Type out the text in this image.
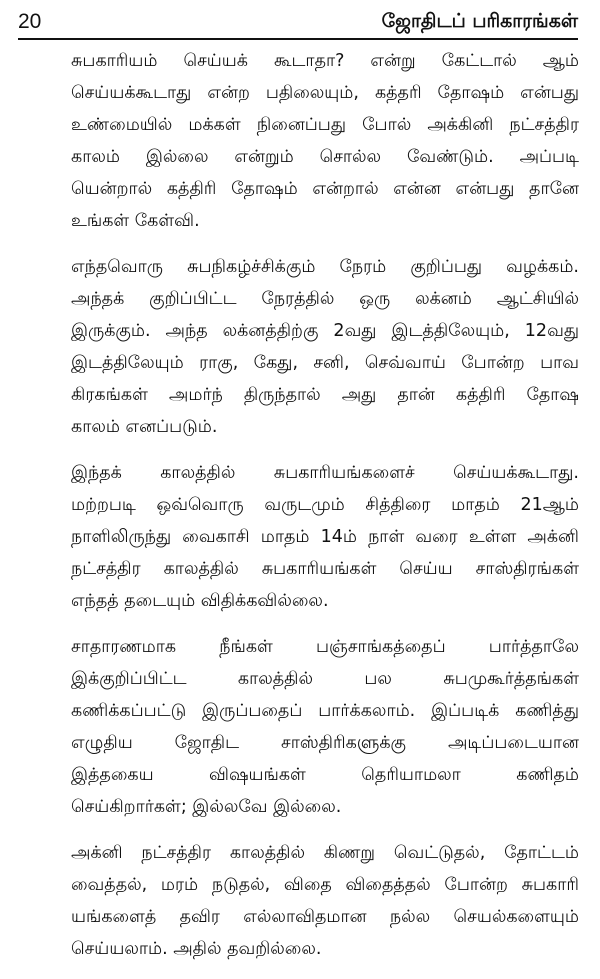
20	ஜோதிடப் பரிகாரங்கள்

சுபகாரியம் செய்யக் கூடாதா? என்று கேட்டால் ஆம்
செய்யக்கூடாது என்ற பதிலையும், கத்தரி தோஷம் என்பது
உண்மையில் மக்கள் நினைப்பது போல் அக்கினி நட்சத்திர
காலம் இல்லை என்றும் சொல்ல வேண்டும். அப்படி
யென்றால் கத்திரி தோஷம் என்றால் என்ன என்பது தானே
உங்கள் கேள்வி.

எந்தவொரு சுபநிகழ்ச்சிக்கும் நேரம் குறிப்பது வழக்கம்.
அந்தக் குறிப்பிட்ட நேரத்தில் ஒரு லக்னம் ஆட்சியில்
இருக்கும். அந்த லக்னத்திற்கு 2வது இடத்திலேயும், 12வது
இடத்திலேயும் ராகு, கேது, சனி, செவ்வாய் போன்ற பாவ
கிரகங்கள் அமர்ந் திருந்தால் அது தான் கத்திரி தோஷ
காலம் எனப்படும்.

இந்தக் காலத்தில் சுபகாரியங்களைச் செய்யக்கூடாது.
மற்றபடி ஒவ்வொரு வருடமும் சித்திரை மாதம் 21ஆம்
நாளிலிருந்து வைகாசி மாதம் 14ம் நாள் வரை உள்ள அக்னி
நட்சத்திர காலத்தில் சுபகாரியங்கள் செய்ய சாஸ்திரங்கள்
எந்தத் தடையும் விதிக்கவில்லை.

சாதாரணமாக நீங்கள் பஞ்சாங்கத்தைப் பார்த்தாலே
இக்குறிப்பிட்ட காலத்தில் பல சுபமுகூர்த்தங்கள்
கணிக்கப்பட்டு இருப்பதைப் பார்க்கலாம். இப்படிக் கணித்து
எழுதிய ஜோதிட சாஸ்திரிகளுக்கு அடிப்படையான
இத்தகைய விஷயங்கள் தெரியாமலா கணிதம்
செய்கிறார்கள்; இல்லவே இல்லை.

அக்னி நட்சத்திர காலத்தில் கிணறு வெட்டுதல், தோட்டம்
வைத்தல், மரம் நடுதல், விதை விதைத்தல் போன்ற சுபகாரி
யங்களைத் தவிர எல்லாவிதமான நல்ல செயல்களையும்
செய்யலாம். அதில் தவறில்லை.
